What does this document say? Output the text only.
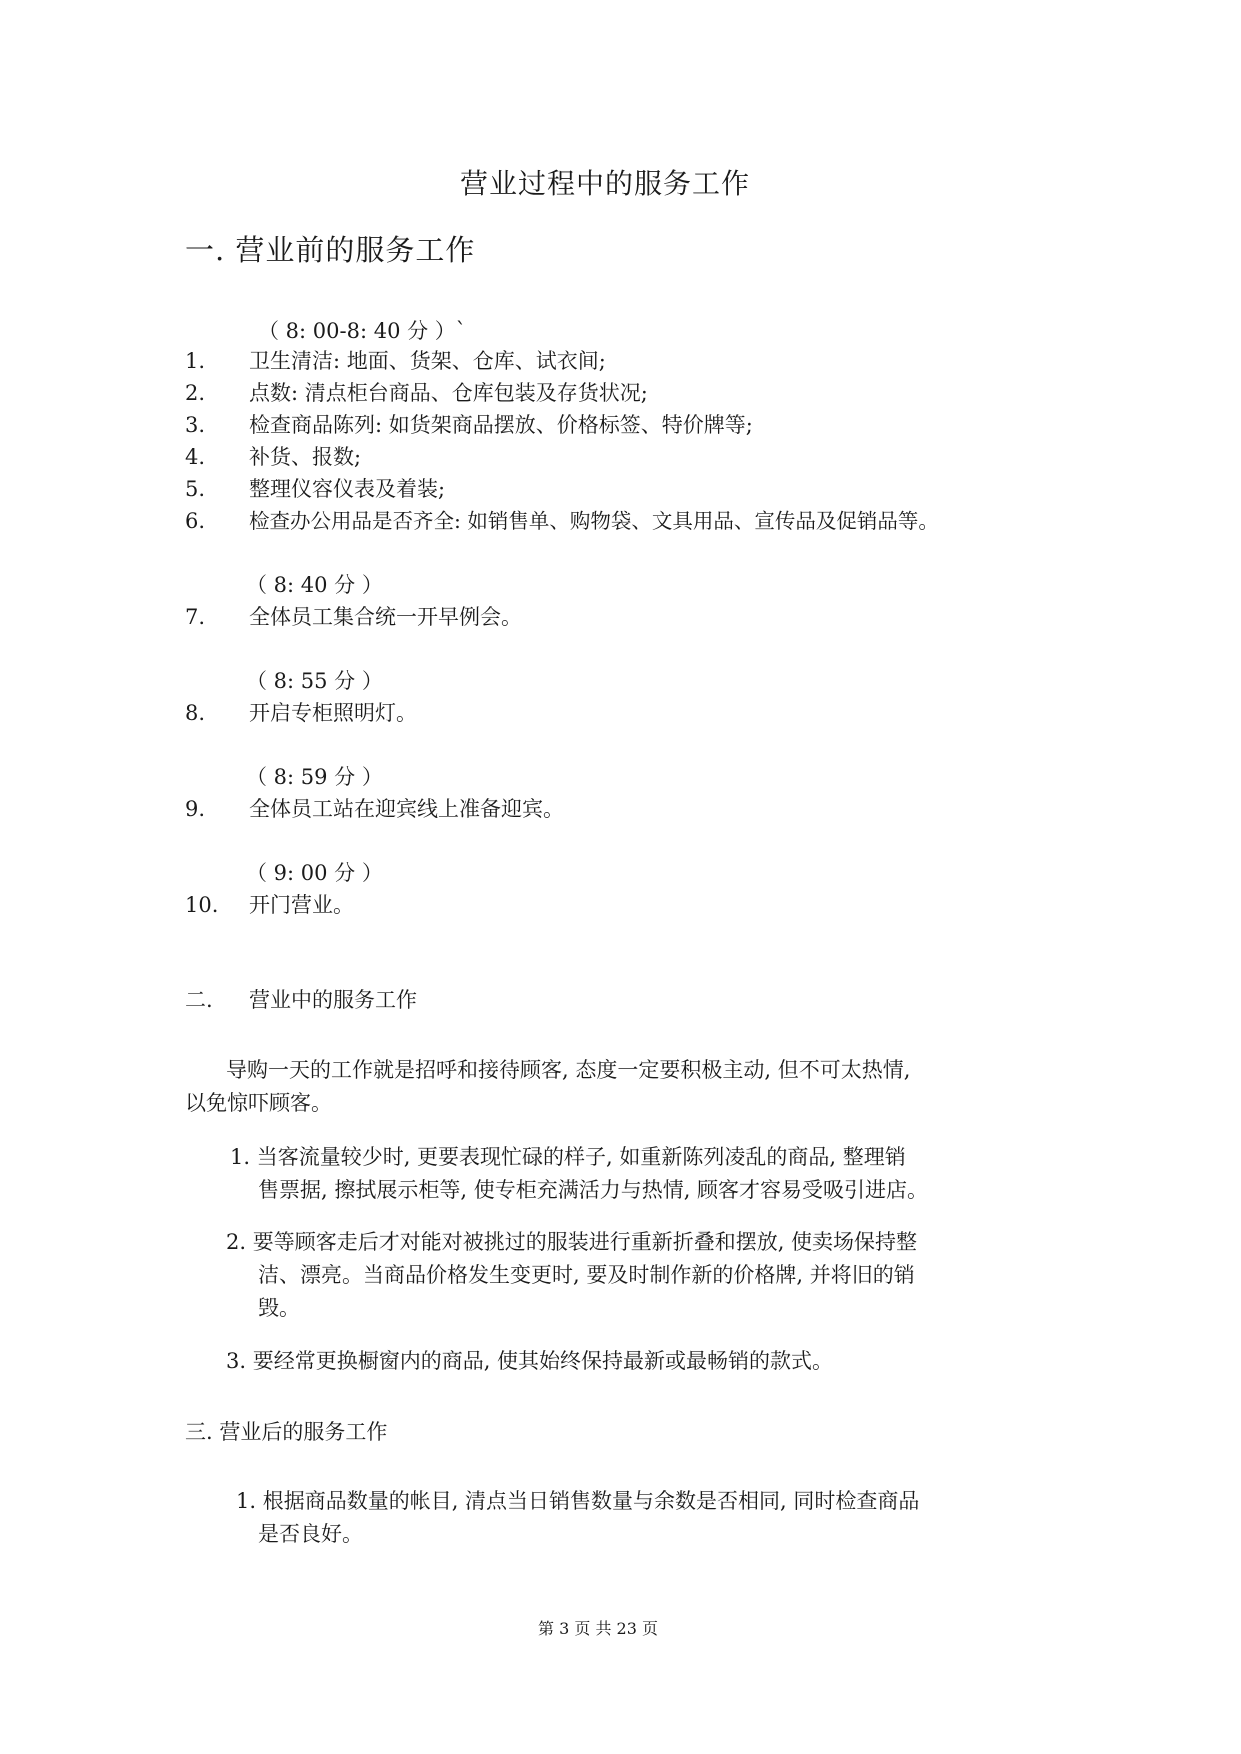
营业过程中的服务工作
一. 营业前的服务工作
（ 8: 00-8: 40 分 ）`
1. 卫生清洁: 地面、货架、仓库、试衣间;
2. 点数: 清点柜台商品、仓库包装及存货状况;
3. 检查商品陈列: 如货架商品摆放、价格标签、特价牌等;
4. 补货、报数;
5. 整理仪容仪表及着装;
6. 检查办公用品是否齐全: 如销售单、购物袋、文具用品、宣传品及促销品等。
（ 8: 40 分 ）
7. 全体员工集合统一开早例会。
（ 8: 55 分 ）
8. 开启专柜照明灯。
（ 8: 59 分 ）
9. 全体员工站在迎宾线上准备迎宾。
（ 9: 00 分 ）
10. 开门营业。
二. 营业中的服务工作
导购一天的工作就是招呼和接待顾客, 态度一定要积极主动, 但不可太热情,
以免惊吓顾客。
1. 当客流量较少时, 更要表现忙碌的样子, 如重新陈列凌乱的商品, 整理销
售票据, 擦拭展示柜等, 使专柜充满活力与热情, 顾客才容易受吸引进店。
2. 要等顾客走后才对能对被挑过的服装进行重新折叠和摆放, 使卖场保持整
洁、漂亮。当商品价格发生变更时, 要及时制作新的价格牌, 并将旧的销
毁。
3. 要经常更换橱窗内的商品, 使其始终保持最新或最畅销的款式。
三. 营业后的服务工作
1. 根据商品数量的帐目, 清点当日销售数量与余数是否相同, 同时检查商品
是否良好。
第 3 页 共 23 页
